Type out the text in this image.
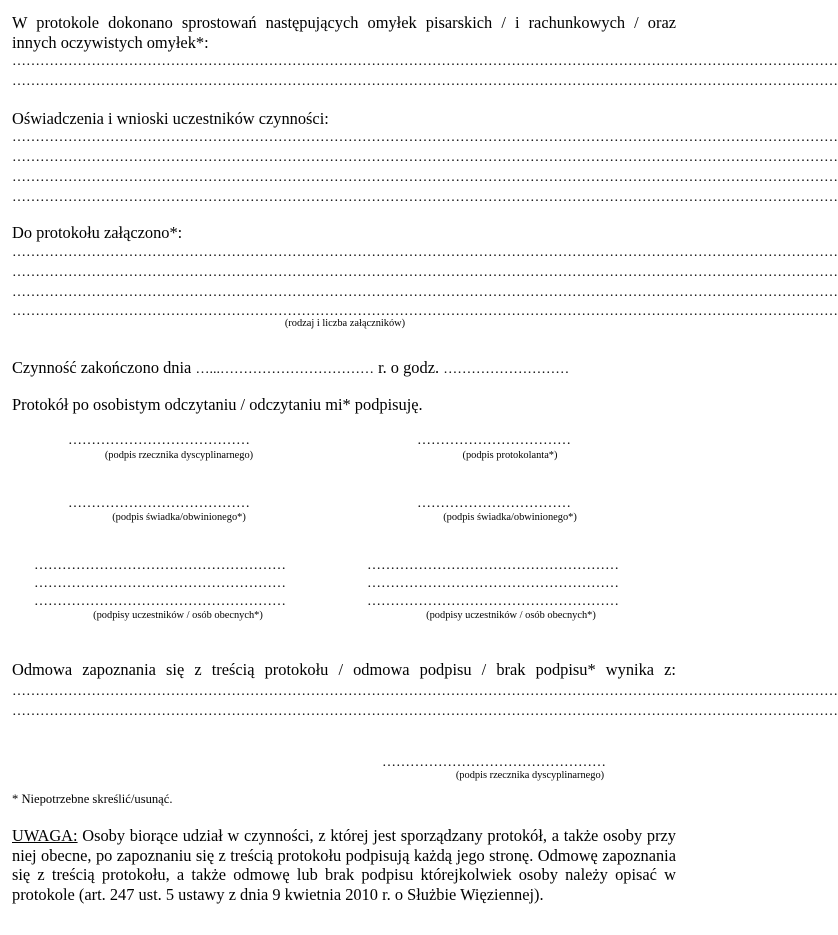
W protokole dokonano sprostowań następujących omyłek pisarskich / i rachunkowych / oraz
innych oczywistych omyłek*:
……………………………………………………………………………………………………………………………………………………………
……………………………………………………………………………………………………………………………………………………………
Oświadczenia i wnioski uczestników czynności:
……………………………………………………………………………………………………………………………………………………………
……………………………………………………………………………………………………………………………………………………………
……………………………………………………………………………………………………………………………………………………………
……………………………………………………………………………………………………………………………………………………………
Do protokołu załączono*:
……………………………………………………………………………………………………………………………………………………………
……………………………………………………………………………………………………………………………………………………………
……………………………………………………………………………………………………………………………………………………………
……………………………………………………………………………………………………………………………………………………………
(rodzaj i liczba załączników)
Czynność zakończono dnia …...…………………………… r. o godz. ………………………
Protokół po osobistym odczytaniu / odczytaniu mi* podpisuję.
…………………………………
(podpis rzecznika dyscyplinarnego)
……………………………
(podpis protokolanta*)
…………………………………
(podpis świadka/obwinionego*)
……………………………
(podpis świadka/obwinionego*)
………………………………………………
………………………………………………
………………………………………………
(podpisy uczestników / osób obecnych*)
………………………………………………
………………………………………………
………………………………………………
(podpisy uczestników / osób obecnych*)
Odmowa zapoznania się z treścią protokołu / odmowa podpisu / brak podpisu* wynika z:
……………………………………………………………………………………………………………………………………………………………
……………………………………………………………………………………………………………………………………………………………
…………………………………………
(podpis rzecznika dyscyplinarnego)
* Niepotrzebne skreślić/usunąć.
UWAGA: Osoby biorące udział w czynności, z której jest sporządzany protokół, a także osoby przy niej obecne, po zapoznaniu się z treścią protokołu podpisują każdą jego stronę. Odmowę zapoznania się z treścią protokołu, a także odmowę lub brak podpisu którejkolwiek osoby należy opisać w protokole (art. 247 ust. 5 ustawy z dnia 9 kwietnia 2010 r. o Służbie Więziennej).
